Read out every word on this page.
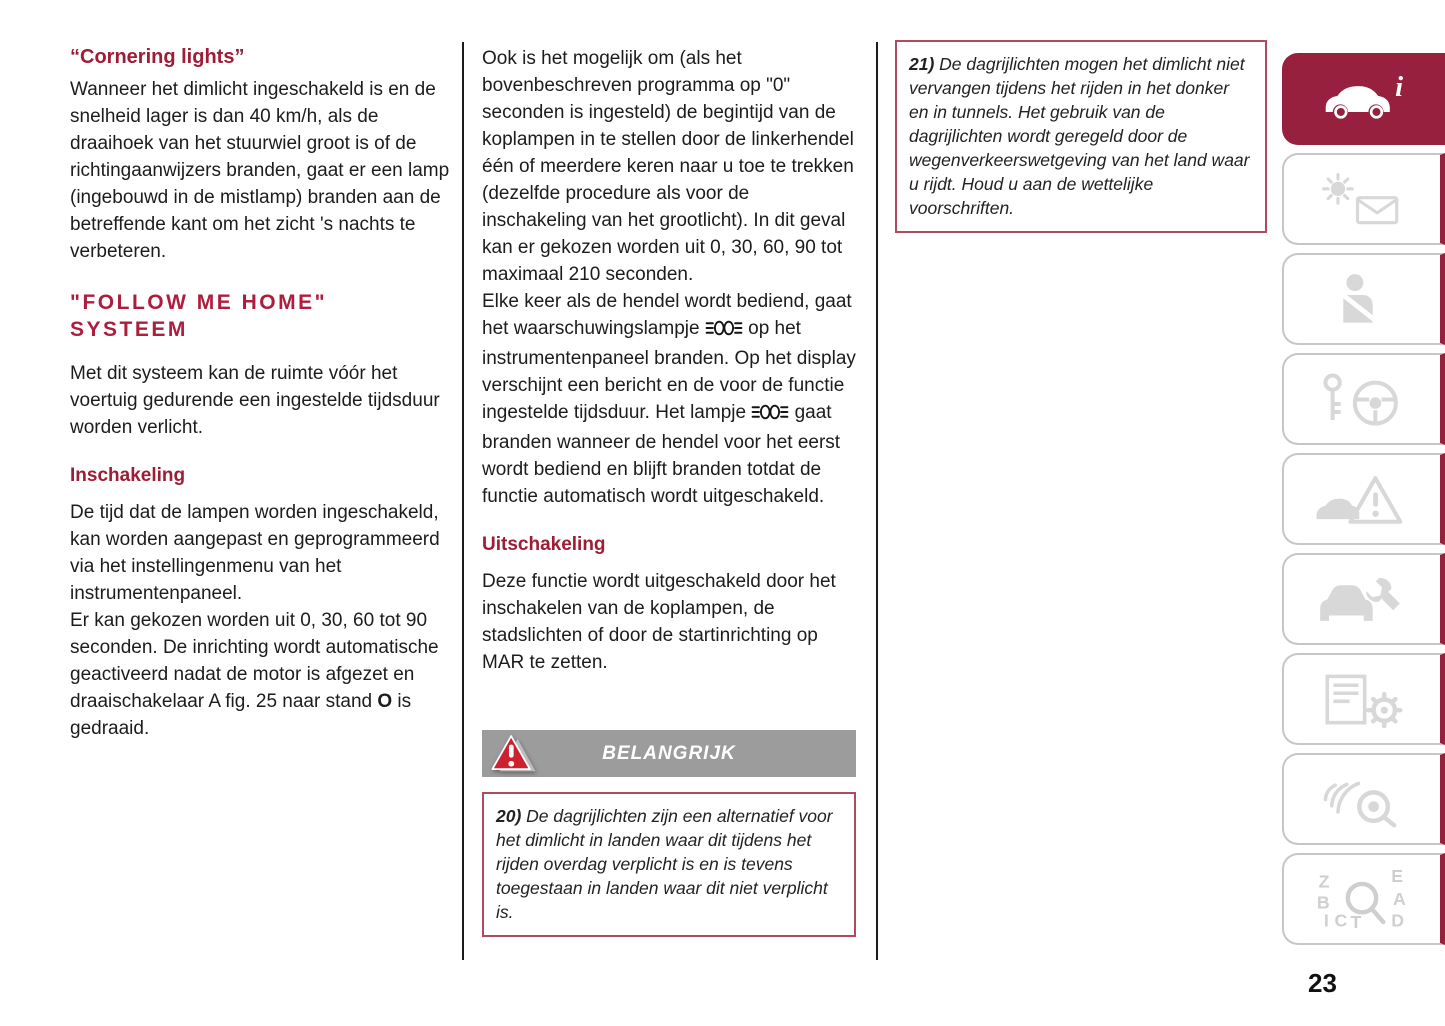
“Cornering lights”

Wanneer het dimlicht ingeschakeld is en de snelheid lager is dan 40 km/h, als de draaihoek van het stuurwiel groot is of de richtingaanwijzers branden, gaat er een lamp (ingebouwd in de mistlamp) branden aan de betreffende kant om het zicht 's nachts te verbeteren.

"FOLLOW ME HOME" SYSTEEM

Met dit systeem kan de ruimte vóór het voertuig gedurende een ingestelde tijdsduur worden verlicht.

Inschakeling

De tijd dat de lampen worden ingeschakeld, kan worden aangepast en geprogrammeerd via het instellingenmenu van het instrumentenpaneel.

Er kan gekozen worden uit 0, 30, 60 tot 90 seconden. De inrichting wordt automatische geactiveerd nadat de motor is afgezet en draaischakelaar A fig. 25 naar stand O is gedraaid.

Ook is het mogelijk om (als het bovenbeschreven programma op "0" seconden is ingesteld) de begintijd van de koplampen in te stellen door de linkerhendel één of meerdere keren naar u toe te trekken (dezelfde procedure als voor de inschakeling van het grootlicht). In dit geval kan er gekozen worden uit 0, 30, 60, 90 tot maximaal 210 seconden.

Elke keer als de hendel wordt bediend, gaat het waarschuwingslampje  op het instrumentenpaneel branden. Op het display verschijnt een bericht en de voor de functie ingestelde tijdsduur. Het lampje  gaat branden wanneer de hendel voor het eerst wordt bediend en blijft branden totdat de functie automatisch wordt uitgeschakeld.

Uitschakeling

Deze functie wordt uitgeschakeld door het inschakelen van de koplampen, de stadslichten of door de startinrichting op MAR te zetten.

BELANGRIJK
20) De dagrijlichten zijn een alternatief voor het dimlicht in landen waar dit tijdens het rijden overdag verplicht is en is tevens toegestaan in landen waar dit niet verplicht is.
21) De dagrijlichten mogen het dimlicht niet vervangen tijdens het rijden in het donker en in tunnels. Het gebruik van de dagrijlichten wordt geregeld door de wegenverkeerswetgeving van het land waar u rijdt. Houd u aan de wettelijke voorschriften.
i
Z	E
B	A
I C T D
23
